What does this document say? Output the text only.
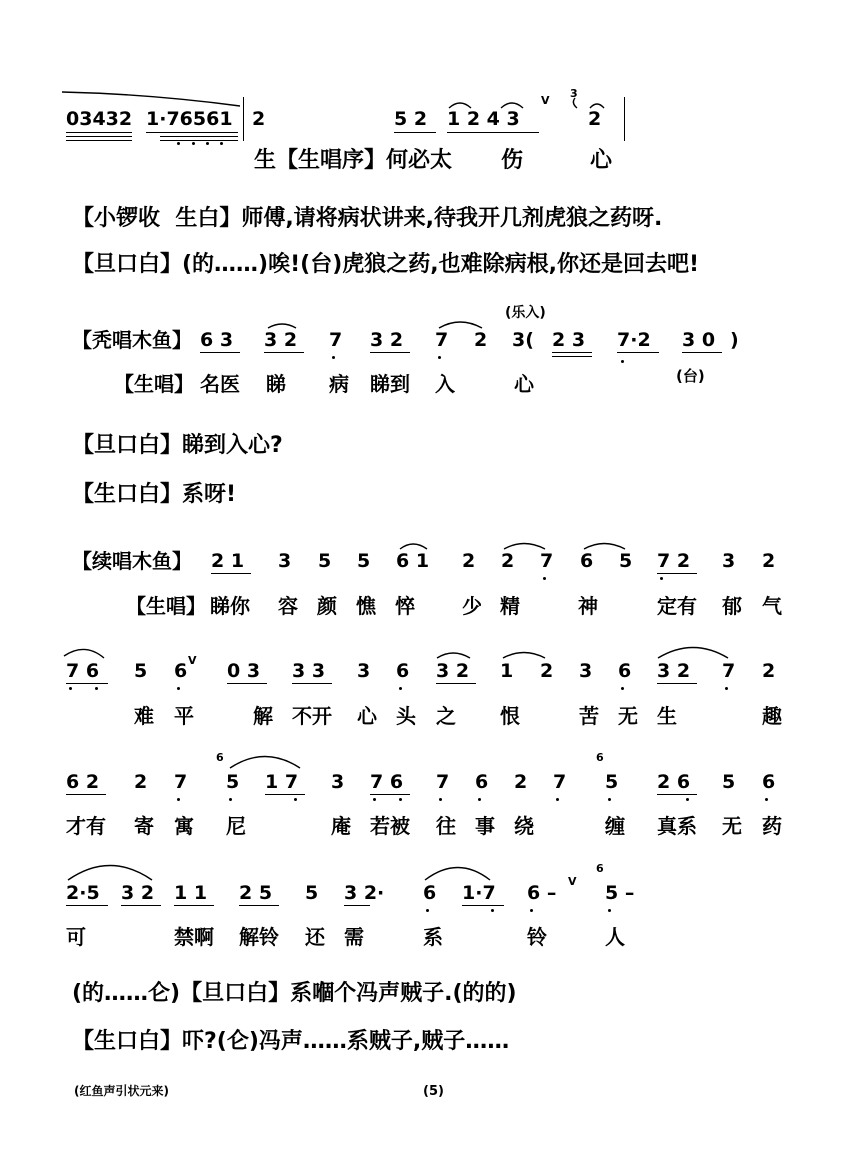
03432 1·76561 2	5 2 1 2 4 3
V
3
2
生【生唱序】何必太 伤	心
【小锣收  生白】师傅,请将病状讲来,待我开几剂虎狼之药呀.
【旦口白】(的……)唉!(台)虎狼之药,也难除病根,你还是回去吧!
(乐入)
【秃唱木鱼】 6 3 3 2 7 3 2 7 2 3( 2 3 7·2 3 0 )
【生唱】 名医 睇 病 睇到 入	心	(台)
【旦口白】睇到入心?
【生口白】系呀!
【续唱木鱼】 2 1 3 5 5 6 1 2 2 7 6 5 7 2 3 2
【生唱】 睇你 容 颜 憔 悴 少 精	神	定有 郁 气
7 6 5 6 V 0 3 3 3 3 6 3 2 1 2 3 6 3 2 7 2
难 平	解 不开 心 头 之 恨	苦 无 生	趣
6	6
6 2 2 7 5 1 7 3 7 6 7 6 2 7 5 2 6 5 6
才有 寄 寓 尼	庵 若被 往 事 绕	缠 真系 无 药
V
6
2·5 3 2 1 1 2 5 5 3 2· 6 1·7 6 –	5 –
可	禁啊 解铃 还 需	系	铃	人
(的……仑)【旦口白】系嗰个冯声贼子.(的的)
【生口白】吓?(仑)冯声……系贼子,贼子……
(红鱼声引状元来)	(5)
